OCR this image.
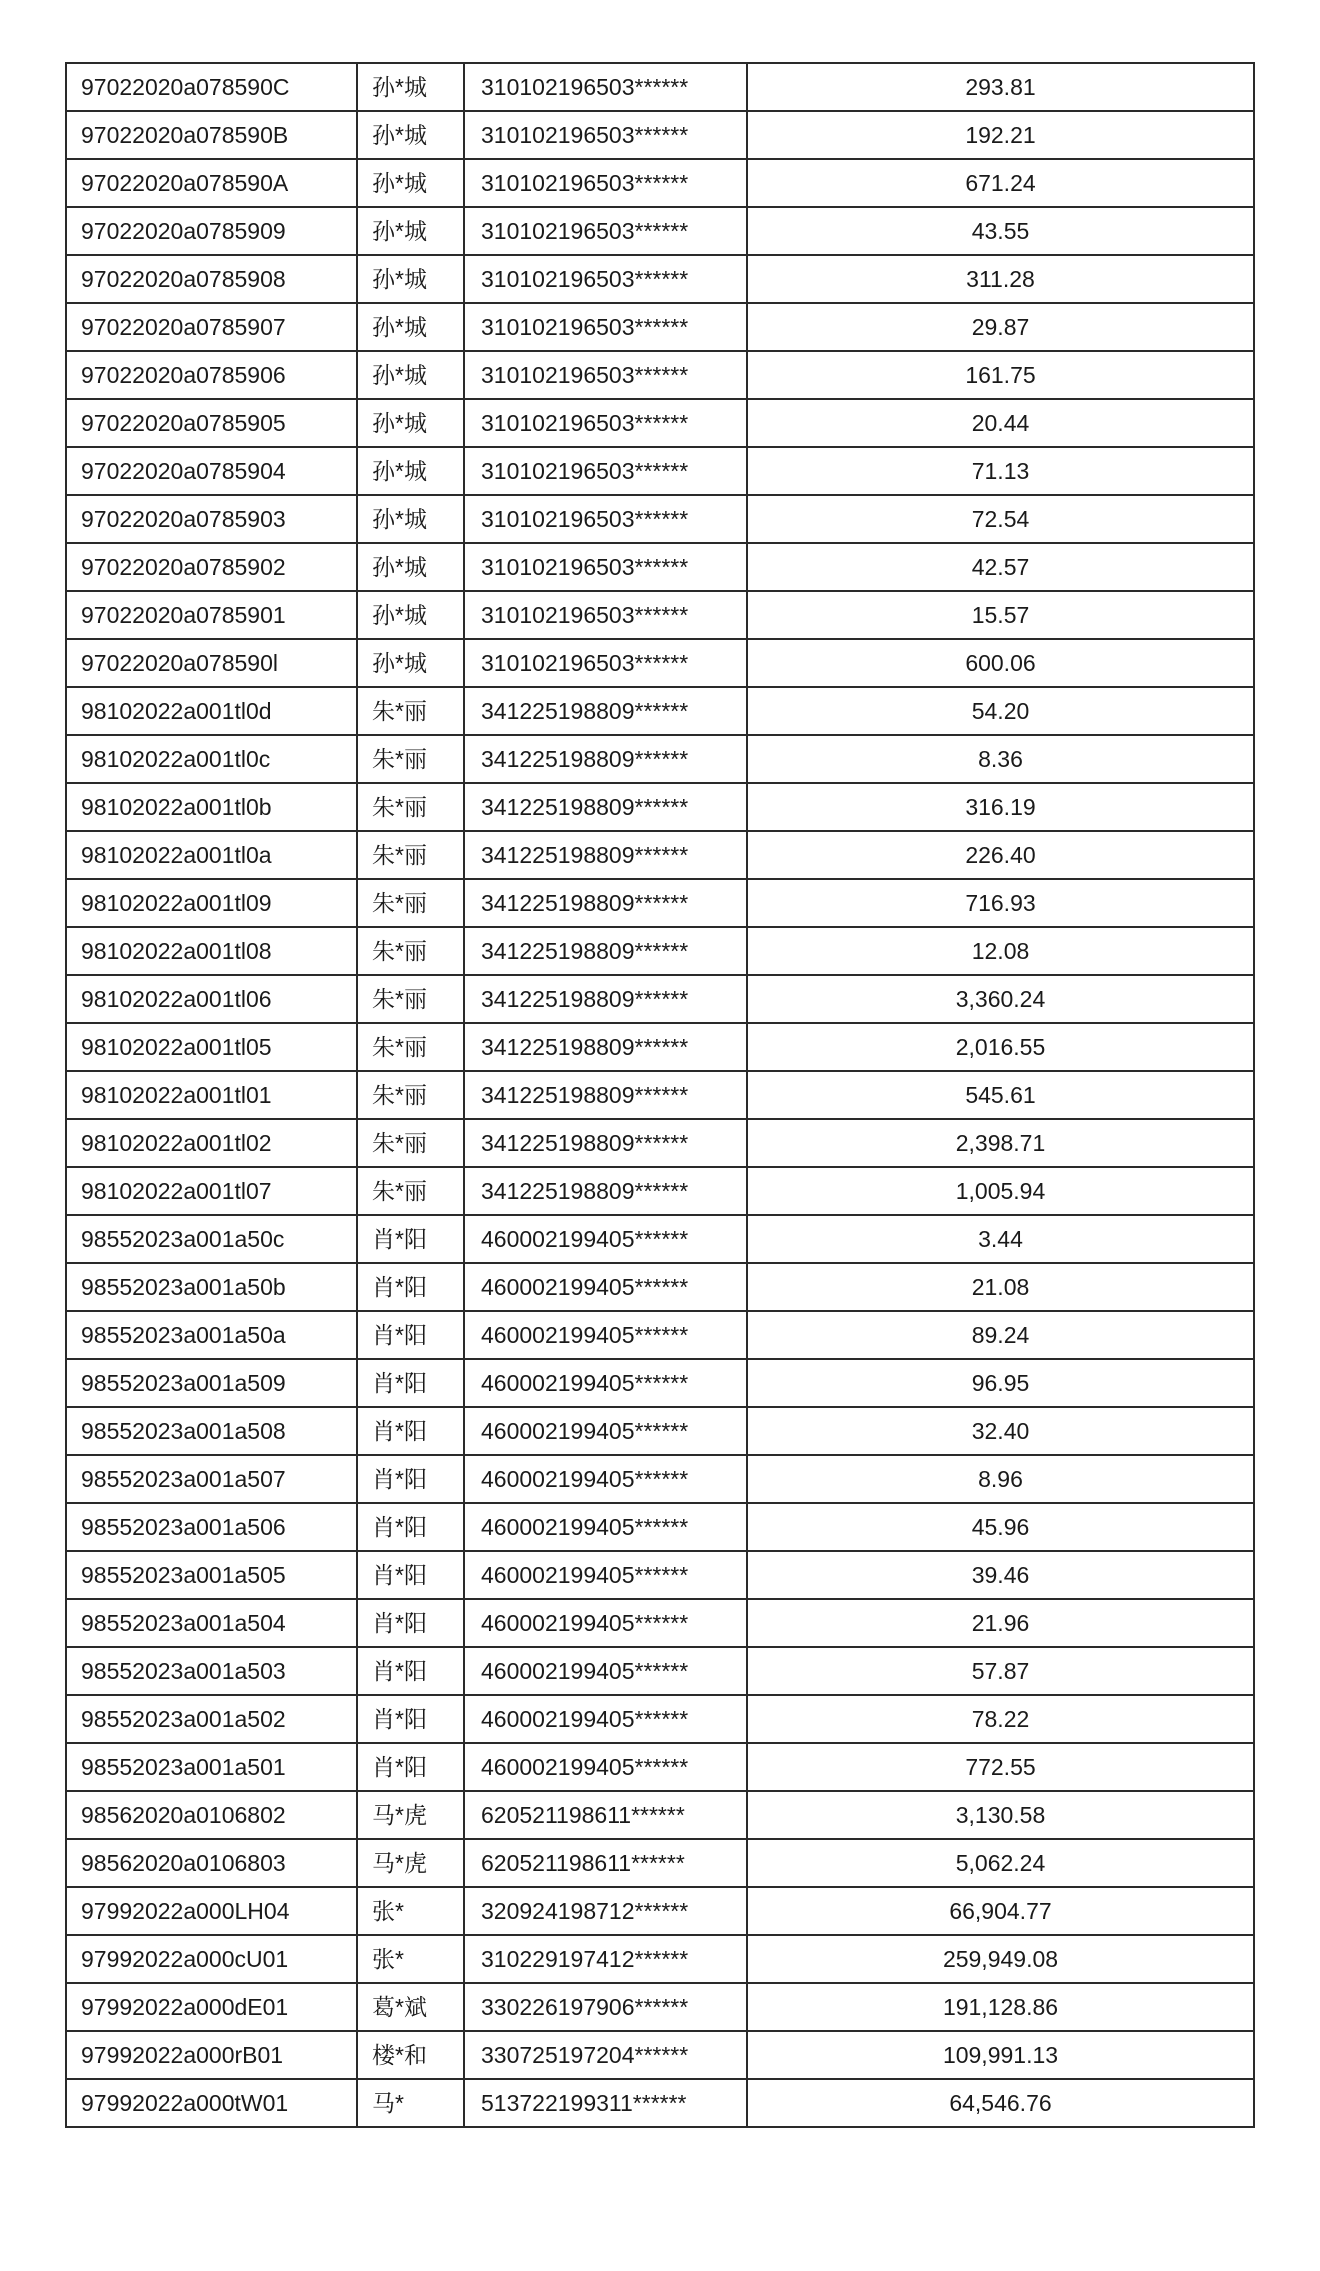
97022020a078590C	孙*城	310102196503******	293.81
97022020a078590B	孙*城	310102196503******	192.21
97022020a078590A	孙*城	310102196503******	671.24
97022020a0785909	孙*城	310102196503******	43.55
97022020a0785908	孙*城	310102196503******	311.28
97022020a0785907	孙*城	310102196503******	29.87
97022020a0785906	孙*城	310102196503******	161.75
97022020a0785905	孙*城	310102196503******	20.44
97022020a0785904	孙*城	310102196503******	71.13
97022020a0785903	孙*城	310102196503******	72.54
97022020a0785902	孙*城	310102196503******	42.57
97022020a0785901	孙*城	310102196503******	15.57
97022020a078590l	孙*城	310102196503******	600.06
98102022a001tl0d	朱*丽	341225198809******	54.20
98102022a001tl0c	朱*丽	341225198809******	8.36
98102022a001tl0b	朱*丽	341225198809******	316.19
98102022a001tl0a	朱*丽	341225198809******	226.40
98102022a001tl09	朱*丽	341225198809******	716.93
98102022a001tl08	朱*丽	341225198809******	12.08
98102022a001tl06	朱*丽	341225198809******	3,360.24
98102022a001tl05	朱*丽	341225198809******	2,016.55
98102022a001tl01	朱*丽	341225198809******	545.61
98102022a001tl02	朱*丽	341225198809******	2,398.71
98102022a001tl07	朱*丽	341225198809******	1,005.94
98552023a001a50c	肖*阳	460002199405******	3.44
98552023a001a50b	肖*阳	460002199405******	21.08
98552023a001a50a	肖*阳	460002199405******	89.24
98552023a001a509	肖*阳	460002199405******	96.95
98552023a001a508	肖*阳	460002199405******	32.40
98552023a001a507	肖*阳	460002199405******	8.96
98552023a001a506	肖*阳	460002199405******	45.96
98552023a001a505	肖*阳	460002199405******	39.46
98552023a001a504	肖*阳	460002199405******	21.96
98552023a001a503	肖*阳	460002199405******	57.87
98552023a001a502	肖*阳	460002199405******	78.22
98552023a001a501	肖*阳	460002199405******	772.55
98562020a0106802	马*虎	620521198611******	3,130.58
98562020a0106803	马*虎	620521198611******	5,062.24
97992022a000LH04	张*	320924198712******	66,904.77
97992022a000cU01	张*	310229197412******	259,949.08
97992022a000dE01	葛*斌	330226197906******	191,128.86
97992022a000rB01	楼*和	330725197204******	109,991.13
97992022a000tW01	马*	513722199311******	64,546.76
